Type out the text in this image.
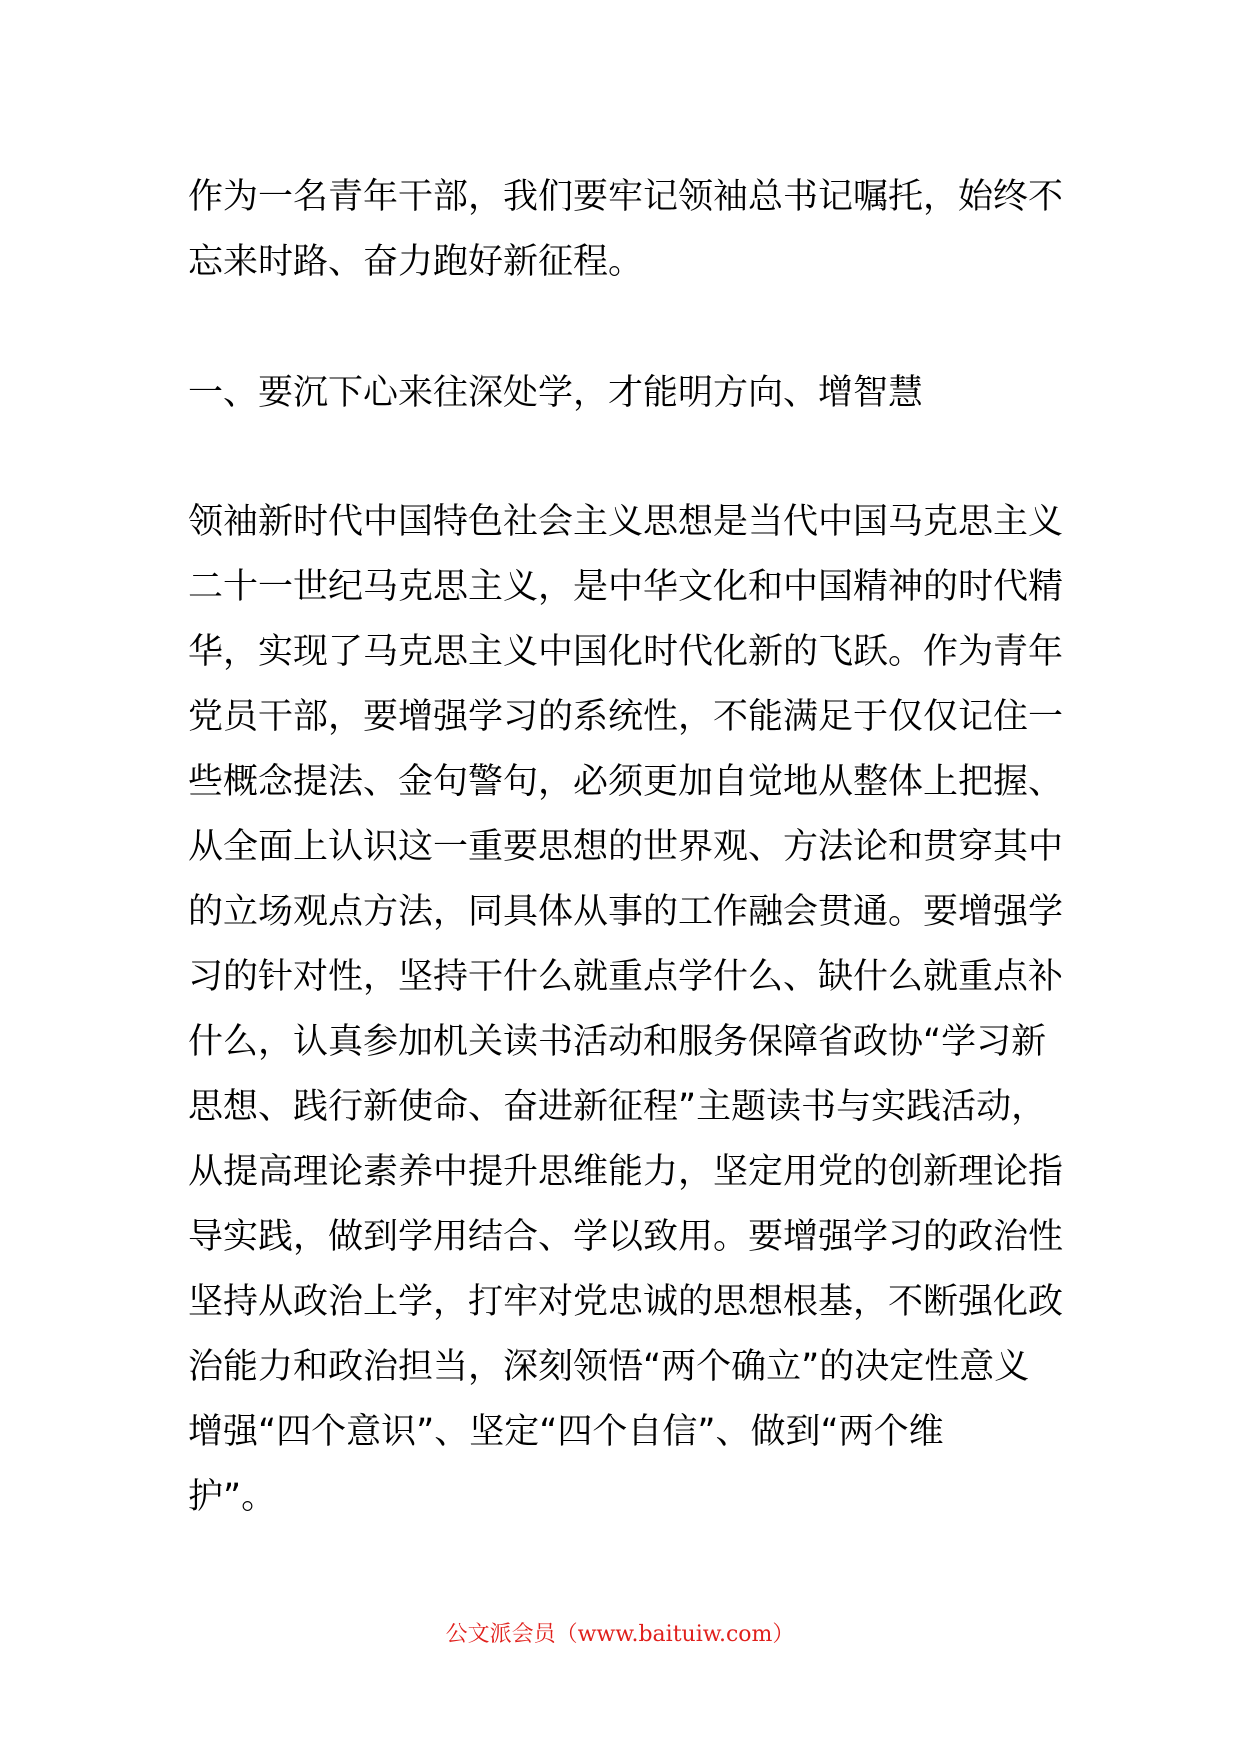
作为一名青年干部，我们要牢记领袖总书记嘱托，始终不
忘来时路、奋力跑好新征程。
一、要沉下心来往深处学，才能明方向、增智慧
领袖新时代中国特色社会主义思想是当代中国马克思主义
二十一世纪马克思主义，是中华文化和中国精神的时代精
华，实现了马克思主义中国化时代化新的飞跃。作为青年
党员干部，要增强学习的系统性，不能满足于仅仅记住一
些概念提法、金句警句，必须更加自觉地从整体上把握、
从全面上认识这一重要思想的世界观、方法论和贯穿其中
的立场观点方法，同具体从事的工作融会贯通。要增强学
习的针对性，坚持干什么就重点学什么、缺什么就重点补
什么，认真参加机关读书活动和服务保障省政协“学习新
思想、践行新使命、奋进新征程”主题读书与实践活动，
从提高理论素养中提升思维能力，坚定用党的创新理论指
导实践，做到学用结合、学以致用。要增强学习的政治性
坚持从政治上学，打牢对党忠诚的思想根基，不断强化政
治能力和政治担当，深刻领悟“两个确立”的决定性意义
增强“四个意识”、坚定“四个自信”、做到“两个维
护”。
公文派会员（www.baituiw.com）
